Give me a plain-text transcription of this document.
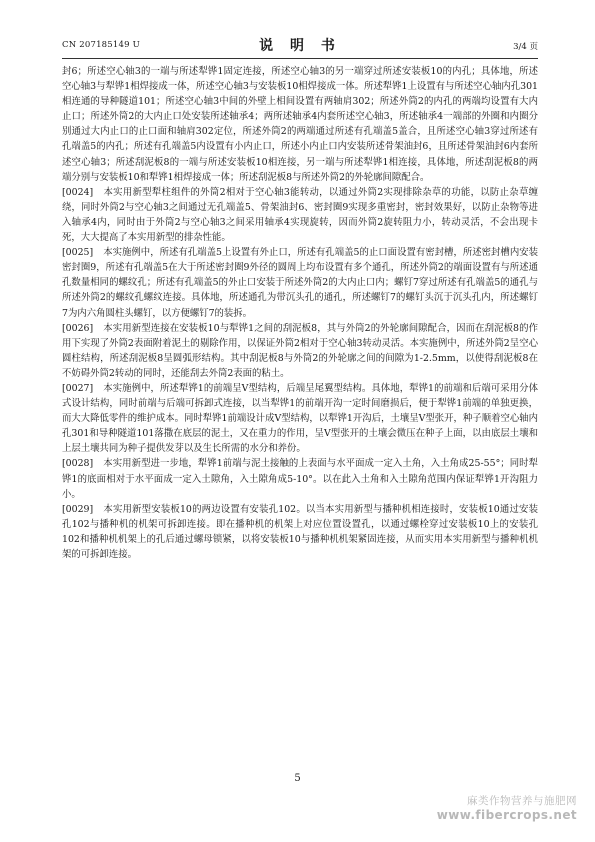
CN 207185149 U	说 明 书	3/4 页

封6；所述空心轴3的一端与所述犁铧1固定连接，所述空心轴3的另一端穿过所述安装板10的内孔；具体地，所述空心轴3与犁铧1相焊接成一体，所述空心轴3与安装板10相焊接成一体。所述犁铧1上设置有与所述空心轴内孔301相连通的导种隧道101；所述空心轴3中间的外壁上相间设置有两轴肩302；所述外筒2的内孔的两端均设置有大内止口；所述外筒2的大内止口处安装所述轴承4；两所述轴承4内套所述空心轴3，所述轴承4一端部的外圈和内圈分别通过大内止口的止口面和轴肩302定位，所述外筒2的两端通过所述有孔端盖5盖合，且所述空心轴3穿过所述有孔端盖5的内孔；所述有孔端盖5内设置有小内止口，所述小内止口内安装所述骨架油封6，且所述骨架油封6内套所述空心轴3；所述刮泥板8的一端与所述安装板10相连接，另一端与所述犁铧1相连接，具体地，所述刮泥板8的两端分别与安装板10和犁铧1相焊接成一体；所述刮泥板8与所述外筒2的外轮廓间隙配合。

[0024] 本实用新型犁柱组件的外筒2相对于空心轴3能转动，以通过外筒2实现排除杂草的功能，以防止杂草缠绕，同时外筒2与空心轴3之间通过无孔端盖5、骨架油封6、密封圈9实现多重密封，密封效果好，以防止杂物等进入轴承4内，同时由于外筒2与空心轴3之间采用轴承4实现旋转，因而外筒2旋转阻力小，转动灵活，不会出现卡死，大大提高了本实用新型的排杂性能。

[0025] 本实施例中，所述有孔端盖5上设置有外止口，所述有孔端盖5的止口面设置有密封槽，所述密封槽内安装密封圈9，所述有孔端盖5在大于所述密封圈9外径的圆周上均布设置有多个通孔，所述外筒2的端面设置有与所述通孔数量相同的螺纹孔；所述有孔端盖5的外止口安装于所述外筒2的大内止口内；螺钉7穿过所述有孔端盖5的通孔与所述外筒2的螺纹孔螺纹连接。具体地，所述通孔为带沉头孔的通孔，所述螺钉7的螺钉头沉于沉头孔内，所述螺钉7为内六角圆柱头螺钉，以方便螺钉7的装拆。

[0026] 本实用新型连接在安装板10与犁铧1之间的刮泥板8，其与外筒2的外轮廓间隙配合，因而在刮泥板8的作用下实现了外筒2表面附着泥土的剔除作用，以保证外筒2相对于空心轴3转动灵活。本实施例中，所述外筒2呈空心圆柱结构，所述刮泥板8呈圆弧形结构。其中刮泥板8与外筒2的外轮廓之间的间隙为1-2.5mm，以使得刮泥板8在不妨碍外筒2转动的同时，还能刮去外筒2表面的粘土。

[0027] 本实施例中，所述犁铧1的前端呈V型结构，后端呈尾翼型结构。具体地，犁铧1的前端和后端可采用分体式设计结构，同时前端与后端可拆卸式连接，以当犁铧1的前端开沟一定时间磨损后，便于犁铧1前端的单独更换，而大大降低零件的维护成本。同时犁铧1前端设计成V型结构，以犁铧1开沟后，土壤呈V型张开，种子顺着空心轴内孔301和导种隧道101落撒在底层的泥土，又在重力的作用，呈V型张开的土壤会微压在种子上面，以由底层土壤和上层土壤共同为种子提供发芽以及生长所需的水分和养份。

[0028] 本实用新型进一步地，犁铧1前端与泥土接触的上表面与水平面成一定入土角，入土角成25-55°；同时犁铧1的底面相对于水平面成一定入土隙角，入土隙角成5-10°。以在此入土角和入土隙角范围内保证犁铧1开沟阻力小。

[0029] 本实用新型安装板10的两边设置有安装孔102。以当本实用新型与播种机相连接时，安装板10通过安装孔102与播种机的机架可拆卸连接。即在播种机的机架上对应位置设置孔，以通过螺栓穿过安装板10上的安装孔102和播种机机架上的孔后通过螺母锁紧，以将安装板10与播种机机架紧固连接，从而实用本实用新型与播种机机架的可拆卸连接。

5
麻类作物营养与施肥网
www.fibercrops.net
